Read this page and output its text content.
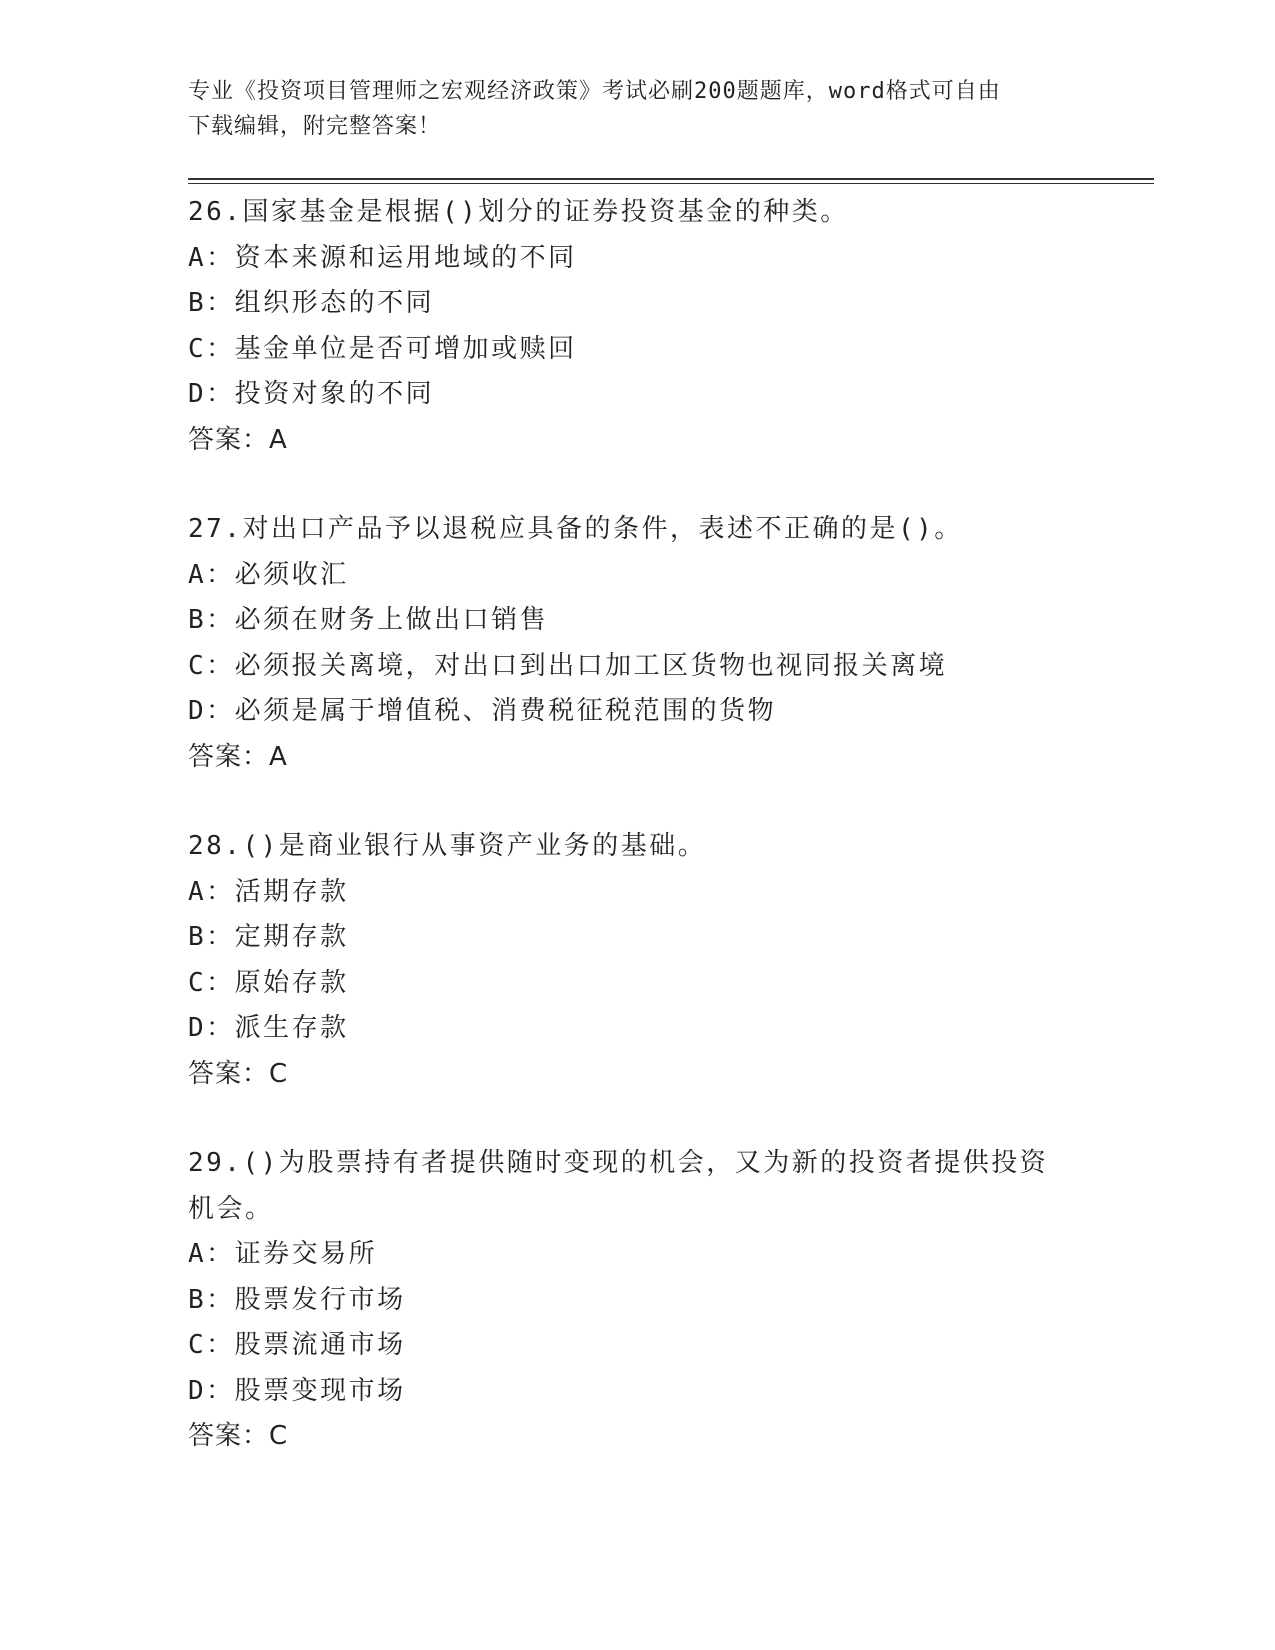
专业《投资项目管理师之宏观经济政策》考试必刷200题题库，word格式可自由
下载编辑，附完整答案！
26.国家基金是根据()划分的证券投资基金的种类。
A：资本来源和运用地域的不同
B：组织形态的不同
C：基金单位是否可增加或赎回
D：投资对象的不同
答案：A
27.对出口产品予以退税应具备的条件，表述不正确的是()。
A：必须收汇
B：必须在财务上做出口销售
C：必须报关离境，对出口到出口加工区货物也视同报关离境
D：必须是属于增值税、消费税征税范围的货物
答案：A
28.()是商业银行从事资产业务的基础。
A：活期存款
B：定期存款
C：原始存款
D：派生存款
答案：C
29.()为股票持有者提供随时变现的机会，又为新的投资者提供投资机会。
A：证券交易所
B：股票发行市场
C：股票流通市场
D：股票变现市场
答案：C
